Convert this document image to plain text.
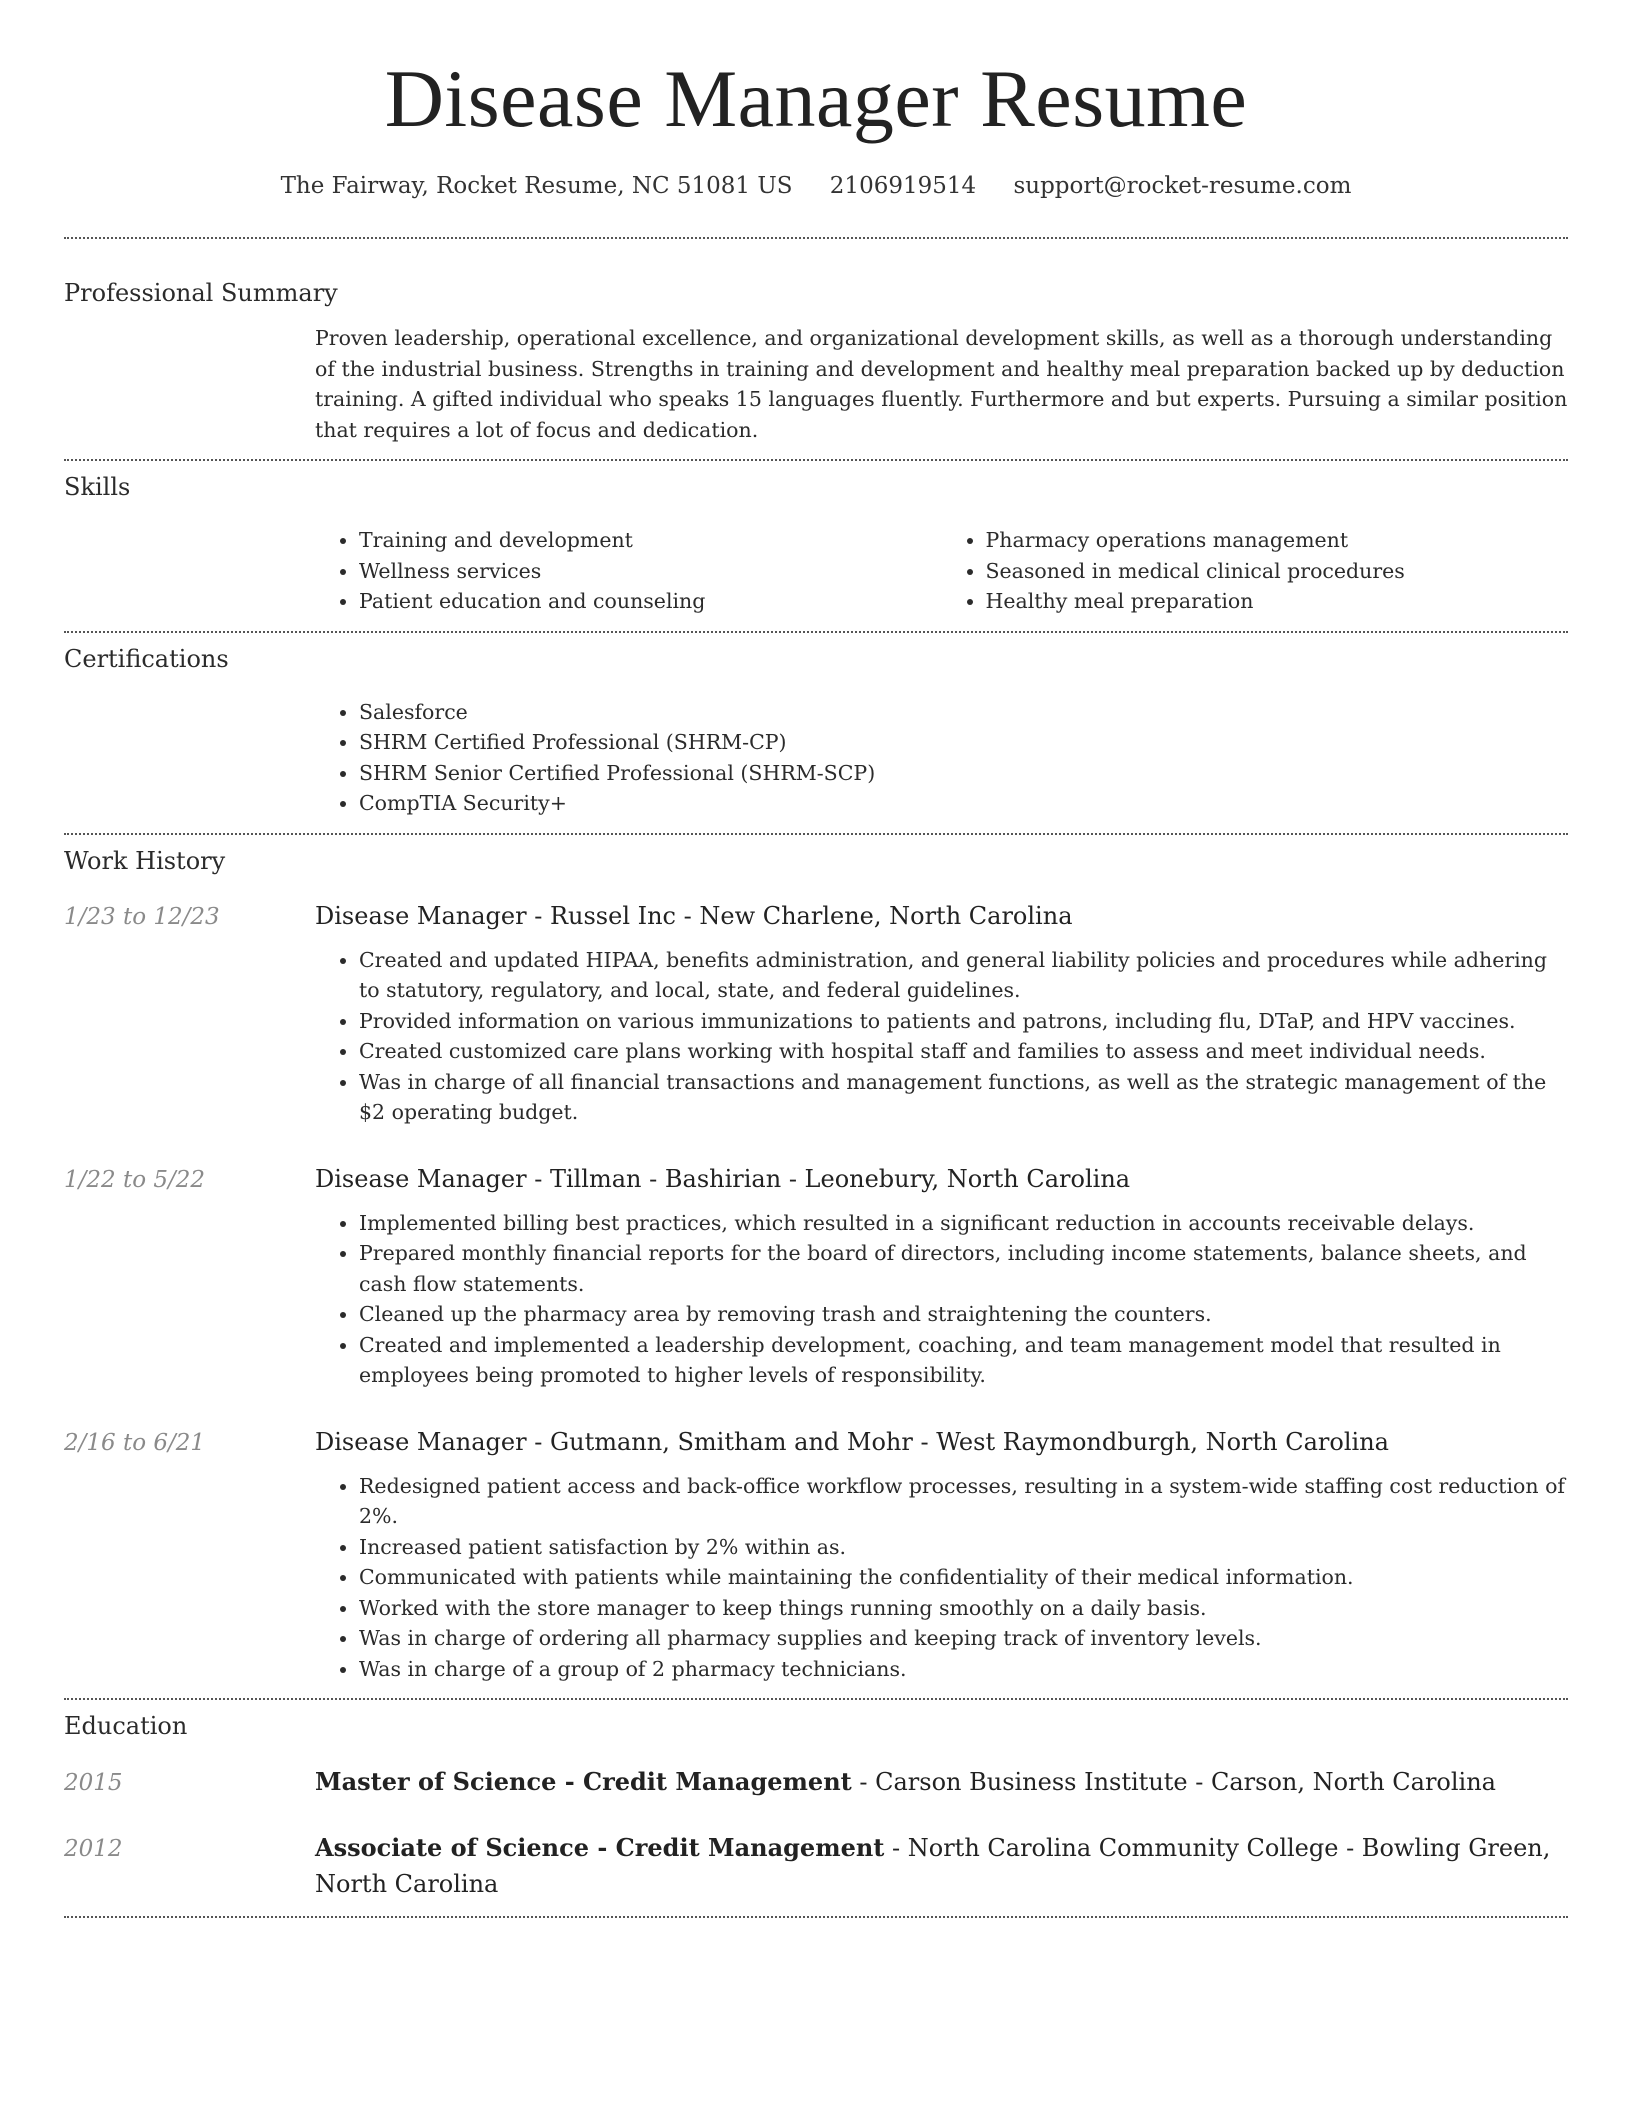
Disease Manager Resume
The Fairway, Rocket Resume, NC 51081 US 2106919514 support@rocket-resume.com
Professional Summary

Proven leadership, operational excellence, and organizational development skills, as well as a thorough understanding of the industrial business. Strengths in training and development and healthy meal preparation backed up by deduction training. A gifted individual who speaks 15 languages fluently. Furthermore and but experts. Pursuing a similar position that requires a lot of focus and dedication.

Skills
• Training and development
• Wellness services
• Patient education and counseling
• Pharmacy operations management
• Seasoned in medical clinical procedures
• Healthy meal preparation
Certifications
• Salesforce
• SHRM Certified Professional (SHRM-CP)
• SHRM Senior Certified Professional (SHRM-SCP)
• CompTIA Security+
Work History
1/23 to 12/23	Disease Manager - Russel Inc - New Charlene, North Carolina
• Created and updated HIPAA, benefits administration, and general liability policies and procedures while adhering to statutory, regulatory, and local, state, and federal guidelines.
• Provided information on various immunizations to patients and patrons, including flu, DTaP, and HPV vaccines.
• Created customized care plans working with hospital staff and families to assess and meet individual needs.
• Was in charge of all financial transactions and management functions, as well as the strategic management of the $2 operating budget.
1/22 to 5/22	Disease Manager - Tillman - Bashirian - Leonebury, North Carolina
• Implemented billing best practices, which resulted in a significant reduction in accounts receivable delays.
• Prepared monthly financial reports for the board of directors, including income statements, balance sheets, and cash flow statements.
• Cleaned up the pharmacy area by removing trash and straightening the counters.
• Created and implemented a leadership development, coaching, and team management model that resulted in employees being promoted to higher levels of responsibility.
2/16 to 6/21	Disease Manager - Gutmann, Smitham and Mohr - West Raymondburgh, North Carolina
• Redesigned patient access and back-office workflow processes, resulting in a system-wide staffing cost reduction of 2%.
• Increased patient satisfaction by 2% within as.
• Communicated with patients while maintaining the confidentiality of their medical information.
• Worked with the store manager to keep things running smoothly on a daily basis.
• Was in charge of ordering all pharmacy supplies and keeping track of inventory levels.
• Was in charge of a group of 2 pharmacy technicians.
Education
2015	Master of Science - Credit Management - Carson Business Institute - Carson, North Carolina
2012	Associate of Science - Credit Management - North Carolina Community College - Bowling Green, North Carolina
